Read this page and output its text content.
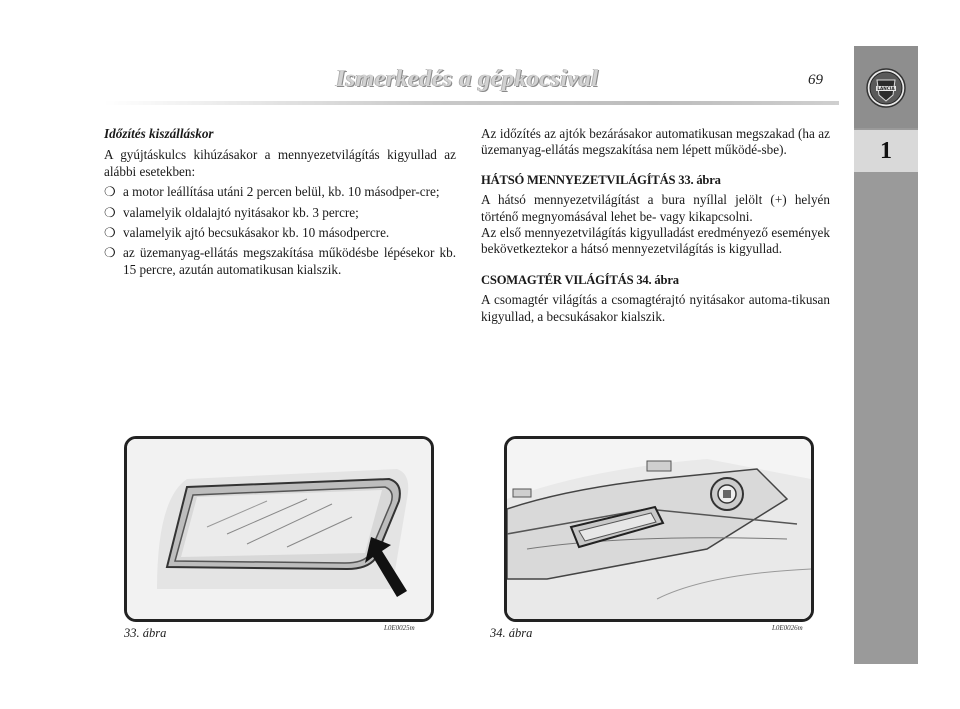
Ismerkedés a gépkocsival	69
LANCIA
1
Időzítés kiszálláskor

A gyújtáskulcs kihúzásakor a mennyezetvilágítás kigyullad az alábbi esetekben:

❍ a motor leállítása utáni 2 percen belül, kb. 10 másodper-cre;
❍ valamelyik oldalajtó nyitásakor kb. 3 percre;
❍ valamelyik ajtó becsukásakor kb. 10 másodpercre.
❍ az üzemanyag-ellátás megszakítása működésbe lépésekor kb. 15 percre, azután automatikusan kialszik.

Az időzítés az ajtók bezárásakor automatikusan megszakad (ha az üzemanyag-ellátás megszakítása nem lépett működé-sbe).

HÁTSÓ MENNYEZETVILÁGÍTÁS 33. ábra

A hátsó mennyezetvilágítást a bura nyíllal jelölt (+) helyén történő megnyomásával lehet be- vagy kikapcsolni.

Az első mennyezetvilágítás kigyulladást eredményező események bekövetkeztekor a hátsó mennyezetvilágítás is kigyullad.

CSOMAGTÉR VILÁGÍTÁS 34. ábra

A csomagtér világítás a csomagtérajtó nyitásakor automa-tikusan kigyullad, a becsukásakor kialszik.

33. ábra	L0E0025m	34. ábra	L0E0026m
